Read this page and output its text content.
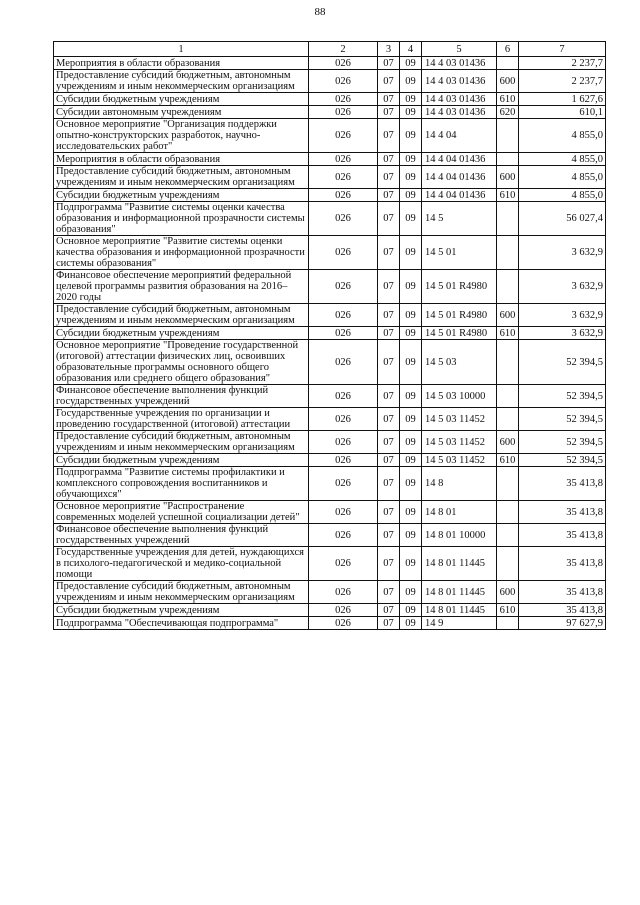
88
1	2	3	4	5	6	7
Мероприятия в области образования	026	07	09	14 4 03 01436		2 237,7
Предоставление субсидий бюджетным, автономным учреждениям и иным некоммерческим организациям	026	07	09	14 4 03 01436	600	2 237,7
Субсидии бюджетным учреждениям	026	07	09	14 4 03 01436	610	1 627,6
Субсидии автономным учреждениям	026	07	09	14 4 03 01436	620	610,1
Основное мероприятие "Организация поддержки опытно-конструкторских разработок, научно-исследовательских работ"	026	07	09	14 4 04		4 855,0
Мероприятия в области образования	026	07	09	14 4 04 01436		4 855,0
Предоставление субсидий бюджетным, автономным учреждениям и иным некоммерческим организациям	026	07	09	14 4 04 01436	600	4 855,0
Субсидии бюджетным учреждениям	026	07	09	14 4 04 01436	610	4 855,0
Подпрограмма "Развитие системы оценки качества образования и информационной прозрачности системы образования"	026	07	09	14 5		56 027,4
Основное мероприятие "Развитие системы оценки качества образования и информационной прозрачности системы образования"	026	07	09	14 5 01		3 632,9
Финансовое обеспечение мероприятий федеральной целевой программы развития образования на 2016–2020 годы	026	07	09	14 5 01 R4980		3 632,9
Предоставление субсидий бюджетным, автономным учреждениям и иным некоммерческим организациям	026	07	09	14 5 01 R4980	600	3 632,9
Субсидии бюджетным учреждениям	026	07	09	14 5 01 R4980	610	3 632,9
Основное мероприятие "Проведение государственной (итоговой) аттестации физических лиц, освоивших образовательные программы основного общего образования или среднего общего образования"	026	07	09	14 5 03		52 394,5
Финансовое обеспечение выполнения функций государственных учреждений	026	07	09	14 5 03 10000		52 394,5
Государственные учреждения по организации и проведению государственной (итоговой) аттестации	026	07	09	14 5 03 11452		52 394,5
Предоставление субсидий бюджетным, автономным учреждениям и иным некоммерческим организациям	026	07	09	14 5 03 11452	600	52 394,5
Субсидии бюджетным учреждениям	026	07	09	14 5 03 11452	610	52 394,5
Подпрограмма "Развитие системы профилактики и комплексного сопровождения воспитанников и обучающихся"	026	07	09	14 8		35 413,8
Основное мероприятие "Распространение современных моделей успешной социализации детей"	026	07	09	14 8 01		35 413,8
Финансовое обеспечение выполнения функций государственных учреждений	026	07	09	14 8 01 10000		35 413,8
Государственные учреждения для детей, нуждающихся в психолого-педагогической и медико-социальной помощи	026	07	09	14 8 01 11445		35 413,8
Предоставление субсидий бюджетным, автономным учреждениям и иным некоммерческим организациям	026	07	09	14 8 01 11445	600	35 413,8
Субсидии бюджетным учреждениям	026	07	09	14 8 01 11445	610	35 413,8
Подпрограмма "Обеспечивающая подпрограмма"	026	07	09	14 9		97 627,9
